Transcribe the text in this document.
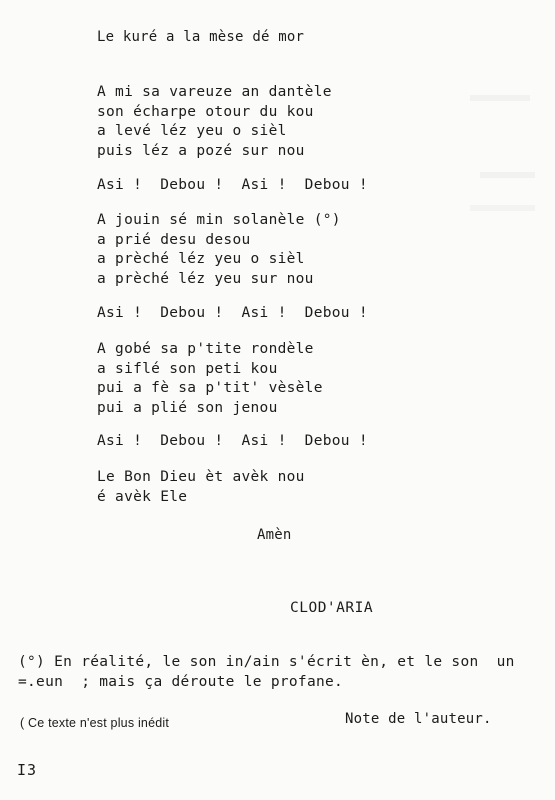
Le kuré a la mèse dé mor
A mi sa vareuze an dantèle
son écharpe otour du kou
a levé léz yeu o sièl
puis léz a pozé sur nou
Asi !  Debou !  Asi !  Debou !
A jouin sé min solanèle (°)
a prié desu desou
a prèché léz yeu o sièl
a prèché léz yeu sur nou
Asi !  Debou !  Asi !  Debou !
A gobé sa p'tite rondèle
a siflé son peti kou
pui a fè sa p'tit' vèsèle
pui a plié son jenou
Asi !  Debou !  Asi !  Debou !
Le Bon Dieu èt avèk nou
é avèk Ele
Amèn
CLOD'ARIA
(°) En réalité, le son in/ain s'écrit èn, et le son  un
=.eun  ; mais ça déroute le profane.
( Ce texte n'est plus inédit	Note de l'auteur.
I3
